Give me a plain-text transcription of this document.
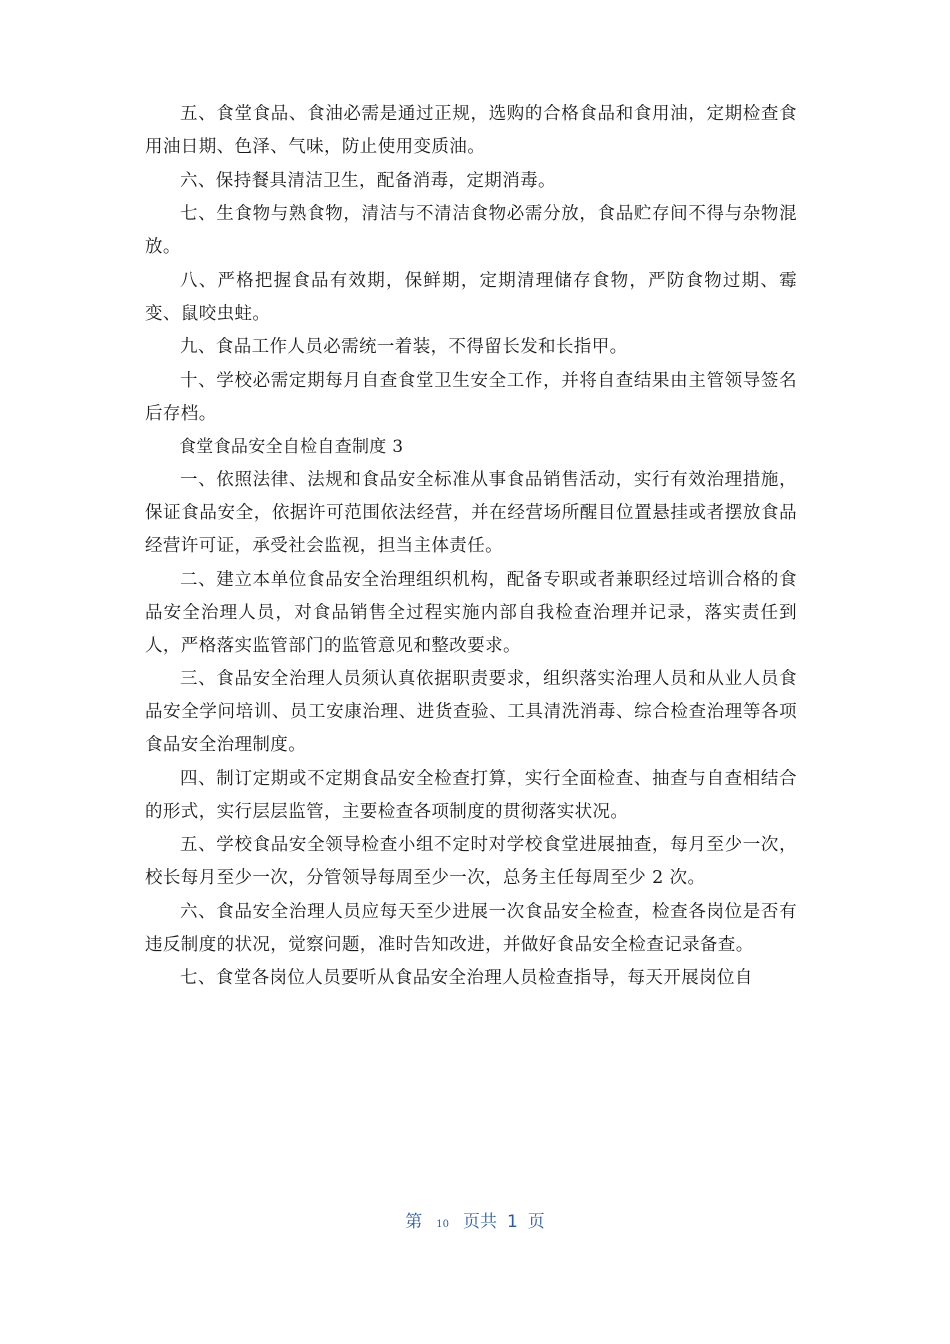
五、食堂食品、食油必需是通过正规，选购的合格食品和食用油，定期检查食用油日期、色泽、气味，防止使用变质油。

六、保持餐具清洁卫生，配备消毒，定期消毒。

七、生食物与熟食物，清洁与不清洁食物必需分放，食品贮存间不得与杂物混放。

八、严格把握食品有效期，保鲜期，定期清理储存食物，严防食物过期、霉变、鼠咬虫蛀。

九、食品工作人员必需统一着装，不得留长发和长指甲。

十、学校必需定期每月自查食堂卫生安全工作，并将自查结果由主管领导签名后存档。

食堂食品安全自检自查制度 3

一、依照法律、法规和食品安全标准从事食品销售活动，实行有效治理措施，保证食品安全，依据许可范围依法经营，并在经营场所醒目位置悬挂或者摆放食品经营许可证，承受社会监视，担当主体责任。

二、建立本单位食品安全治理组织机构，配备专职或者兼职经过培训合格的食品安全治理人员，对食品销售全过程实施内部自我检查治理并记录，落实责任到人，严格落实监管部门的监管意见和整改要求。

三、食品安全治理人员须认真依据职责要求，组织落实治理人员和从业人员食品安全学问培训、员工安康治理、进货查验、工具清洗消毒、综合检查治理等各项食品安全治理制度。

四、制订定期或不定期食品安全检查打算，实行全面检查、抽查与自查相结合的形式，实行层层监管，主要检查各项制度的贯彻落实状况。

五、学校食品安全领导检查小组不定时对学校食堂进展抽查，每月至少一次，校长每月至少一次，分管领导每周至少一次，总务主任每周至少 2 次。

六、食品安全治理人员应每天至少进展一次食品安全检查，检查各岗位是否有违反制度的状况，觉察问题，准时告知改进，并做好食品安全检查记录备查。

七、食堂各岗位人员要听从食品安全治理人员检查指导，每天开展岗位自

第 10 页共 1 页
